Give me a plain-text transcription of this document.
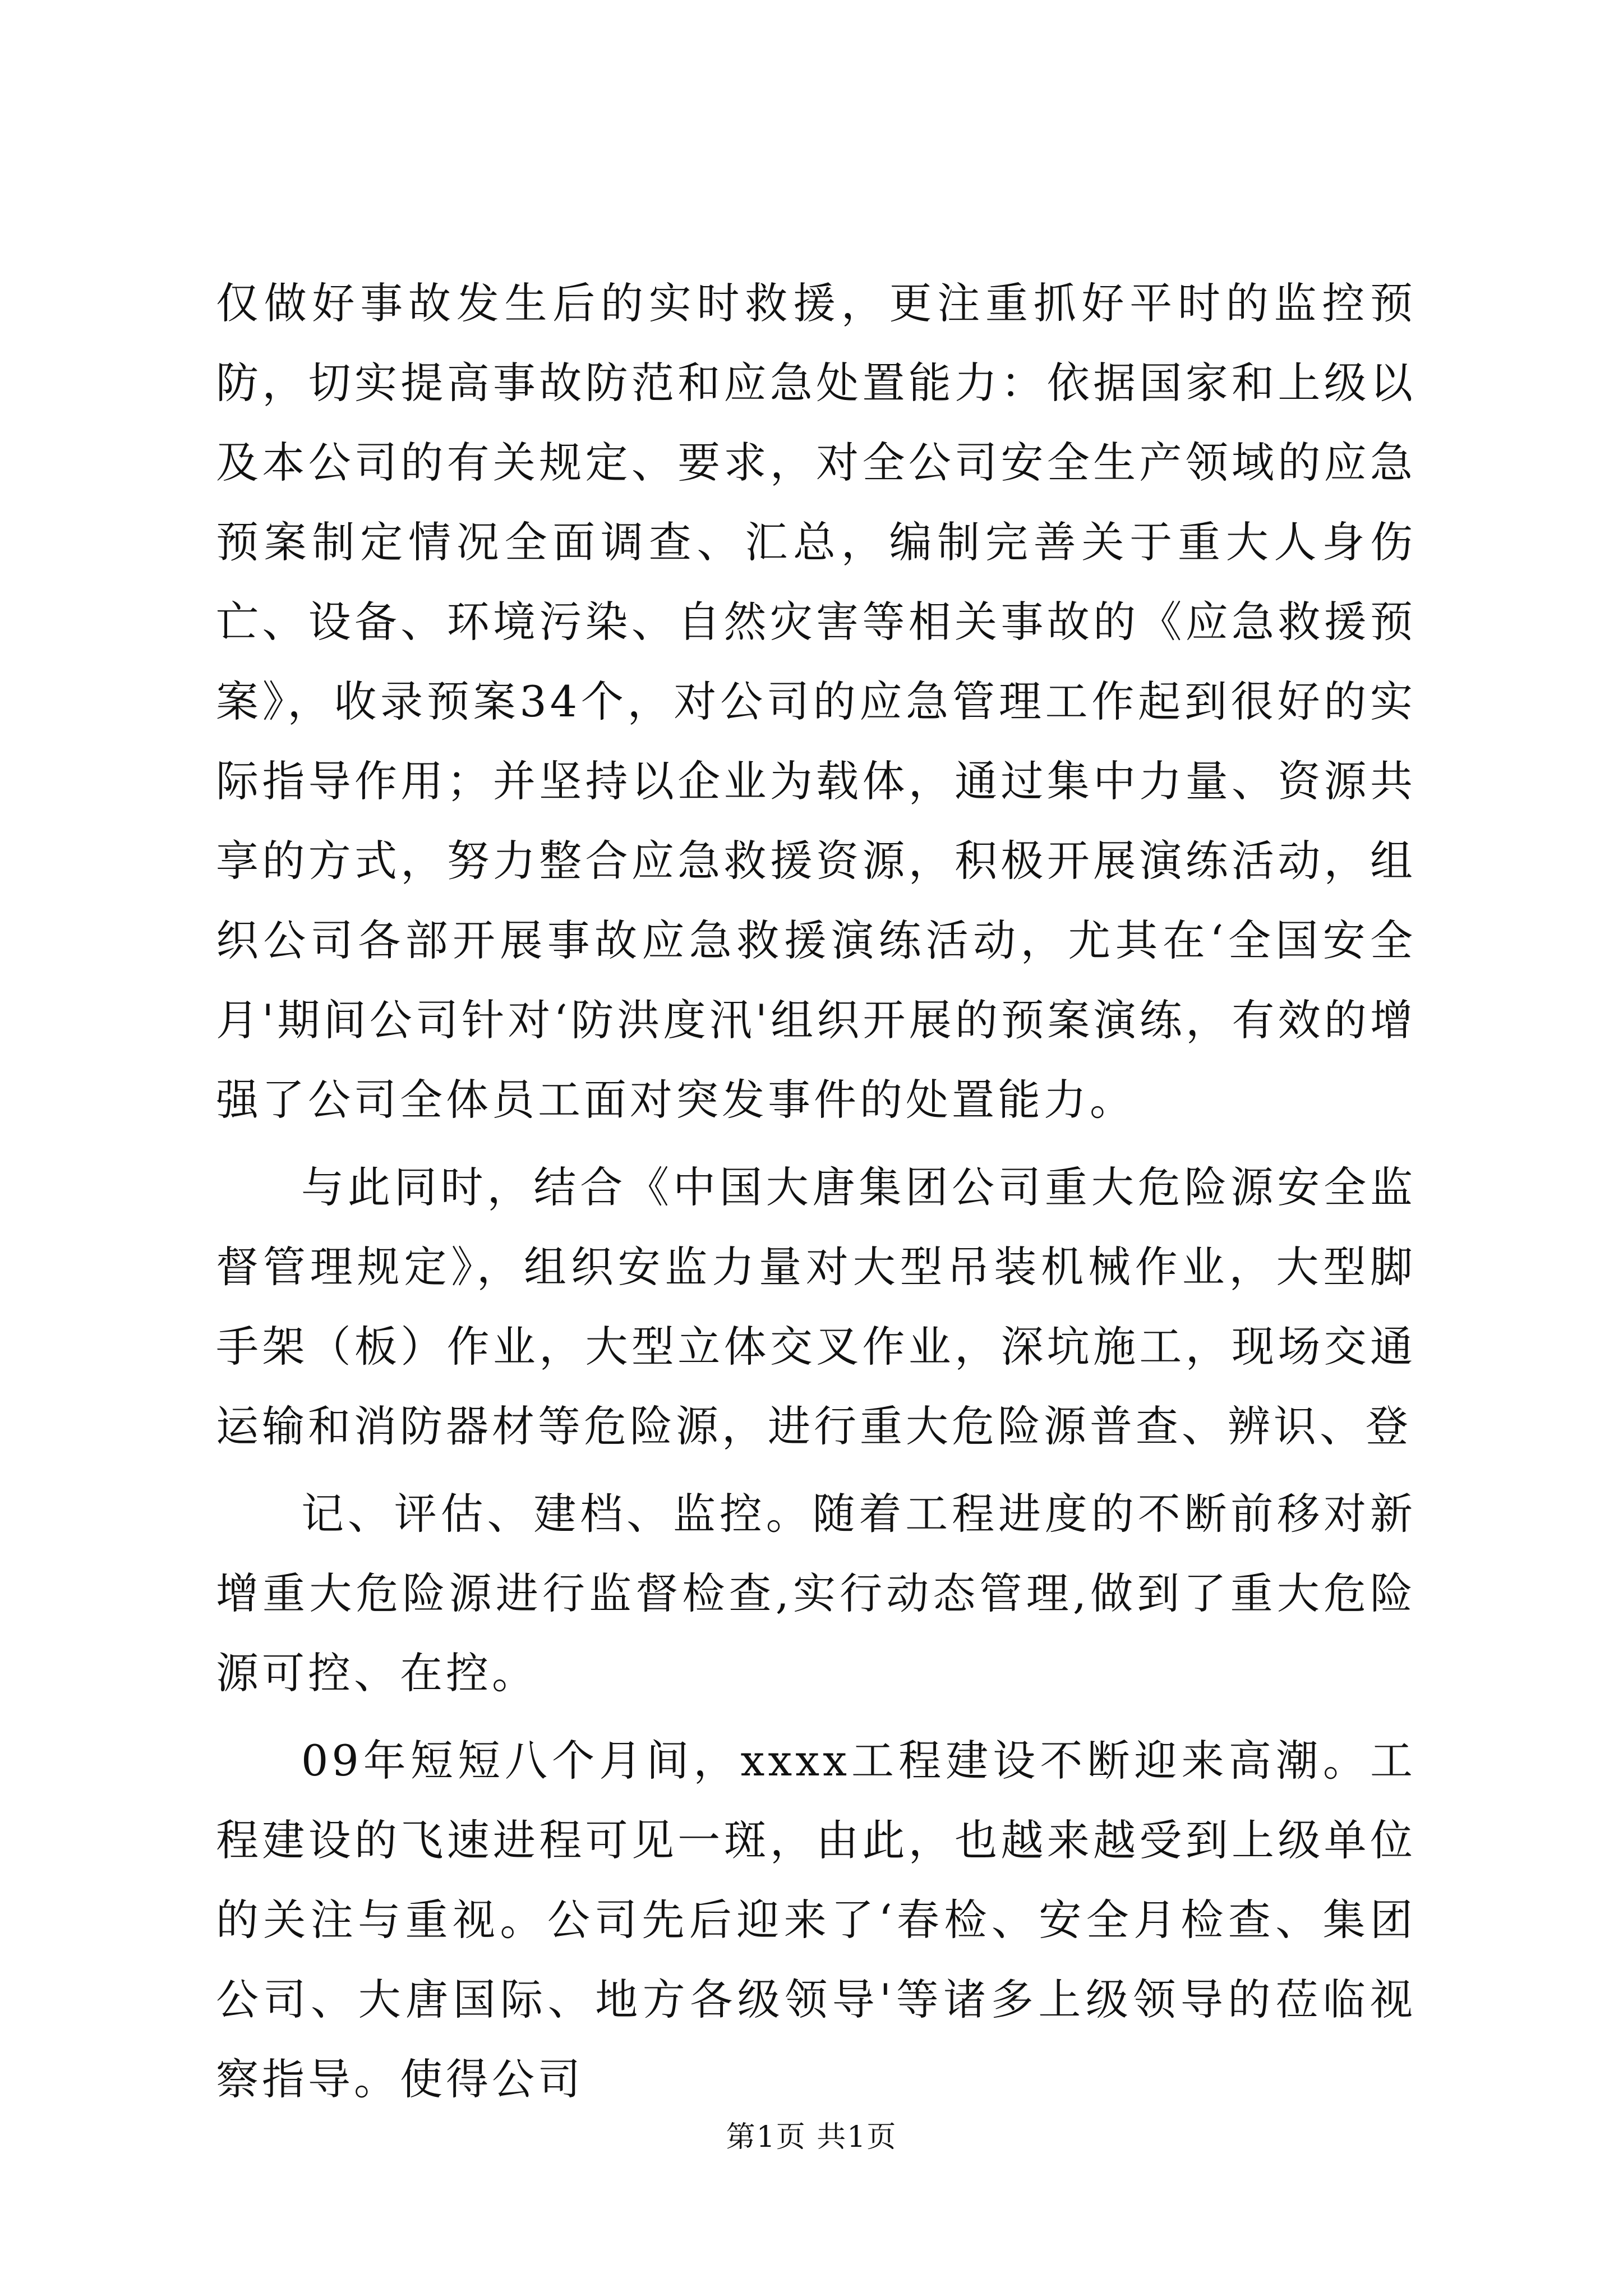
仅做好事故发生后的实时救援，更注重抓好平时的监控预防，切实提高事故防范和应急处置能力：依据国家和上级以及本公司的有关规定、要求，对全公司安全生产领域的应急预案制定情况全面调查、汇总，编制完善关于重大人身伤亡、设备、环境污染、自然灾害等相关事故的《应急救援预案》，收录预案34个，对公司的应急管理工作起到很好的实际指导作用；并坚持以企业为载体，通过集中力量、资源共享的方式，努力整合应急救援资源，积极开展演练活动，组织公司各部开展事故应急救援演练活动，尤其在‘全国安全月'期间公司针对‘防洪度汛'组织开展的预案演练，有效的增强了公司全体员工面对突发事件的处置能力。

与此同时，结合《中国大唐集团公司重大危险源安全监督管理规定》，组织安监力量对大型吊装机械作业，大型脚手架（板）作业，大型立体交叉作业，深坑施工，现场交通运输和消防器材等危险源，进行重大危险源普查、辨识、登

记、评估、建档、监控。随着工程进度的不断前移对新增重大危险源进行监督检查,实行动态管理,做到了重大危险源可控、在控。

09年短短八个月间，xxxx工程建设不断迎来高潮。工程建设的飞速进程可见一斑，由此，也越来越受到上级单位的关注与重视。公司先后迎来了‘春检、安全月检查、集团公司、大唐国际、地方各级领导'等诸多上级领导的莅临视察指导。使得公司

第1页 共1页
